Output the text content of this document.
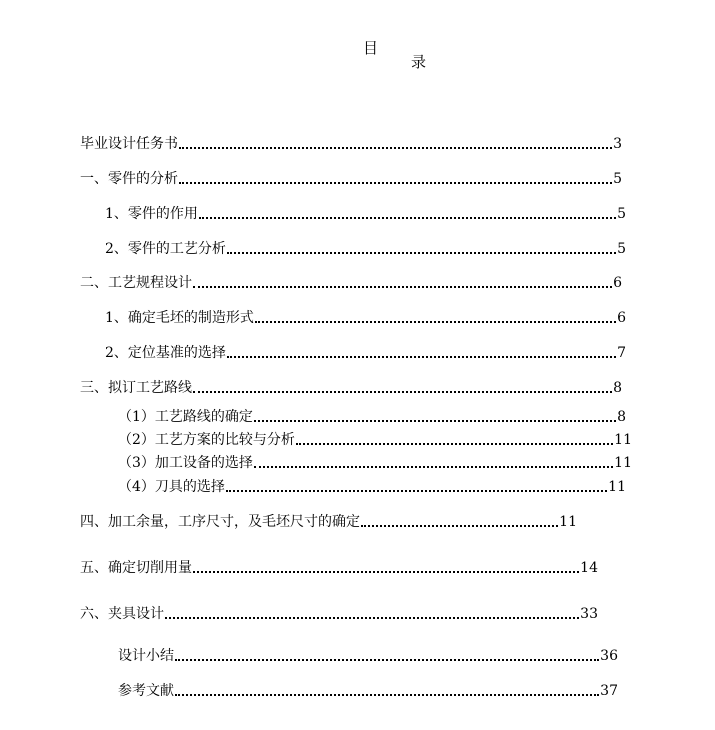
目
录
毕业设计任务书	3
一、零件的分析	5
1、零件的作用	5
2、零件的工艺分析	5
二、工艺规程设计	6
1、确定毛坯的制造形式	6
2、定位基准的选择	7
三、拟订工艺路线	8
（1）工艺路线的确定	8
（2）工艺方案的比较与分析	11
（3）加工设备的选择	11
（4）刀具的选择	11
四、加工余量，工序尺寸，及毛坯尺寸的确定	11
五、确定切削用量	14
六、夹具设计	33
设计小结	36
参考文献	37
